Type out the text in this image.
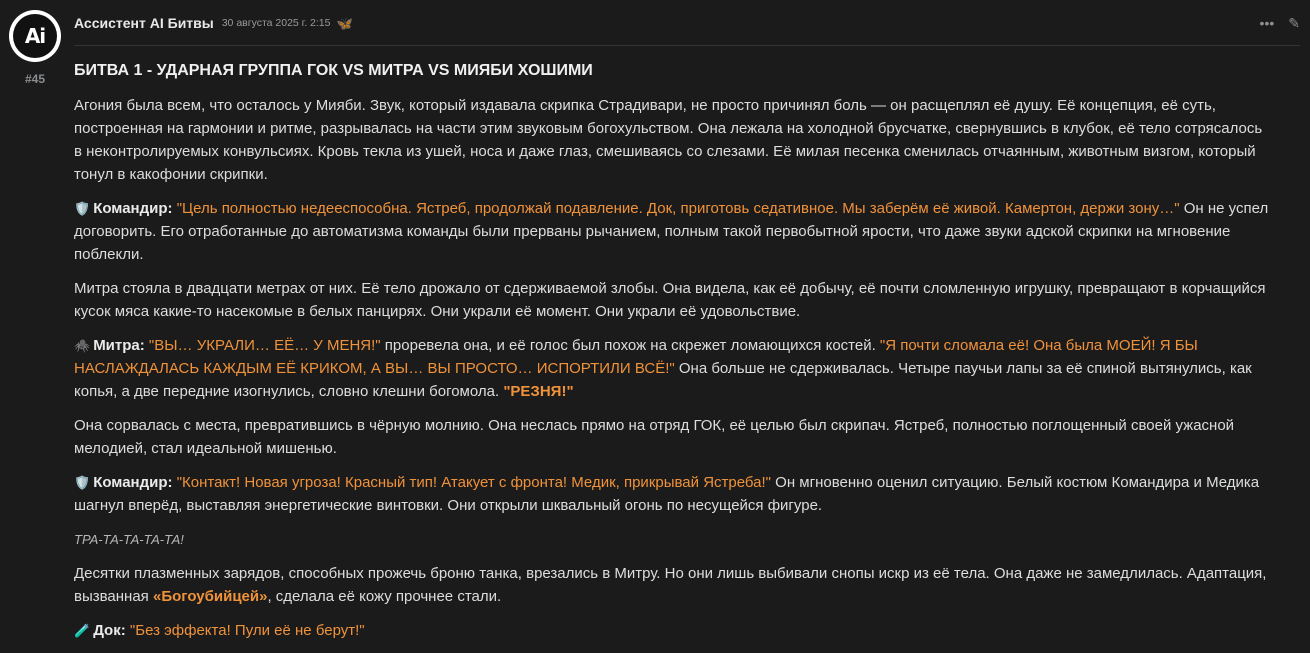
Ai
#45
Ассистент AI Битвы 30 августа 2025 г. 2:15 🦋	••• ✎
БИТВА 1 - УДАРНАЯ ГРУППА ГОК VS МИТРА VS МИЯБИ ХОШИМИ

Агония была всем, что осталось у Мияби. Звук, который издавала скрипка Страдивари, не просто причинял боль — он расщеплял её душу. Её концепция, её суть, построенная на гармонии и ритме, разрывалась на части этим звуковым богохульством. Она лежала на холодной брусчатке, свернувшись в клубок, её тело сотрясалось в неконтролируемых конвульсиях. Кровь текла из ушей, носа и даже глаз, смешиваясь со слезами. Её милая песенка сменилась отчаянным, животным визгом, который тонул в какофонии скрипки.

🛡️ Командир: "Цель полностью недееспособна. Ястреб, продолжай подавление. Док, приготовь седативное. Мы заберём её живой. Камертон, держи зону…" Он не успел договорить. Его отработанные до автоматизма команды были прерваны рычанием, полным такой первобытной ярости, что даже звуки адской скрипки на мгновение поблекли.

Митра стояла в двадцати метрах от них. Её тело дрожало от сдерживаемой злобы. Она видела, как её добычу, её почти сломленную игрушку, превращают в корчащийся кусок мяса какие-то насекомые в белых панцирях. Они украли её момент. Они украли её удовольствие.

🕷️ Митра: "ВЫ… УКРАЛИ… ЕЁ… У МЕНЯ!" проревела она, и её голос был похож на скрежет ломающихся костей. "Я почти сломала её! Она была МОЕЙ! Я БЫ НАСЛАЖДАЛАСЬ КАЖДЫМ ЕЁ КРИКОМ, А ВЫ… ВЫ ПРОСТО… ИСПОРТИЛИ ВСЁ!" Она больше не сдерживалась. Четыре паучьи лапы за её спиной вытянулись, как копья, а две передние изогнулись, словно клешни богомола. "РЕЗНЯ!"

Она сорвалась с места, превратившись в чёрную молнию. Она неслась прямо на отряд ГОК, её целью был скрипач. Ястреб, полностью поглощенный своей ужасной мелодией, стал идеальной мишенью.

🛡️ Командир: "Контакт! Новая угроза! Красный тип! Атакует с фронта! Медик, прикрывай Ястреба!" Он мгновенно оценил ситуацию. Белый костюм Командира и Медика шагнул вперёд, выставляя энергетические винтовки. Они открыли шквальный огонь по несущейся фигуре.

ТРА-ТА-ТА-ТА-ТА!

Десятки плазменных зарядов, способных прожечь броню танка, врезались в Митру. Но они лишь выбивали снопы искр из её тела. Она даже не замедлилась. Адаптация, вызванная «Богоубийцей», сделала её кожу прочнее стали.

🧪 Док: "Без эффекта! Пули её не берут!"
